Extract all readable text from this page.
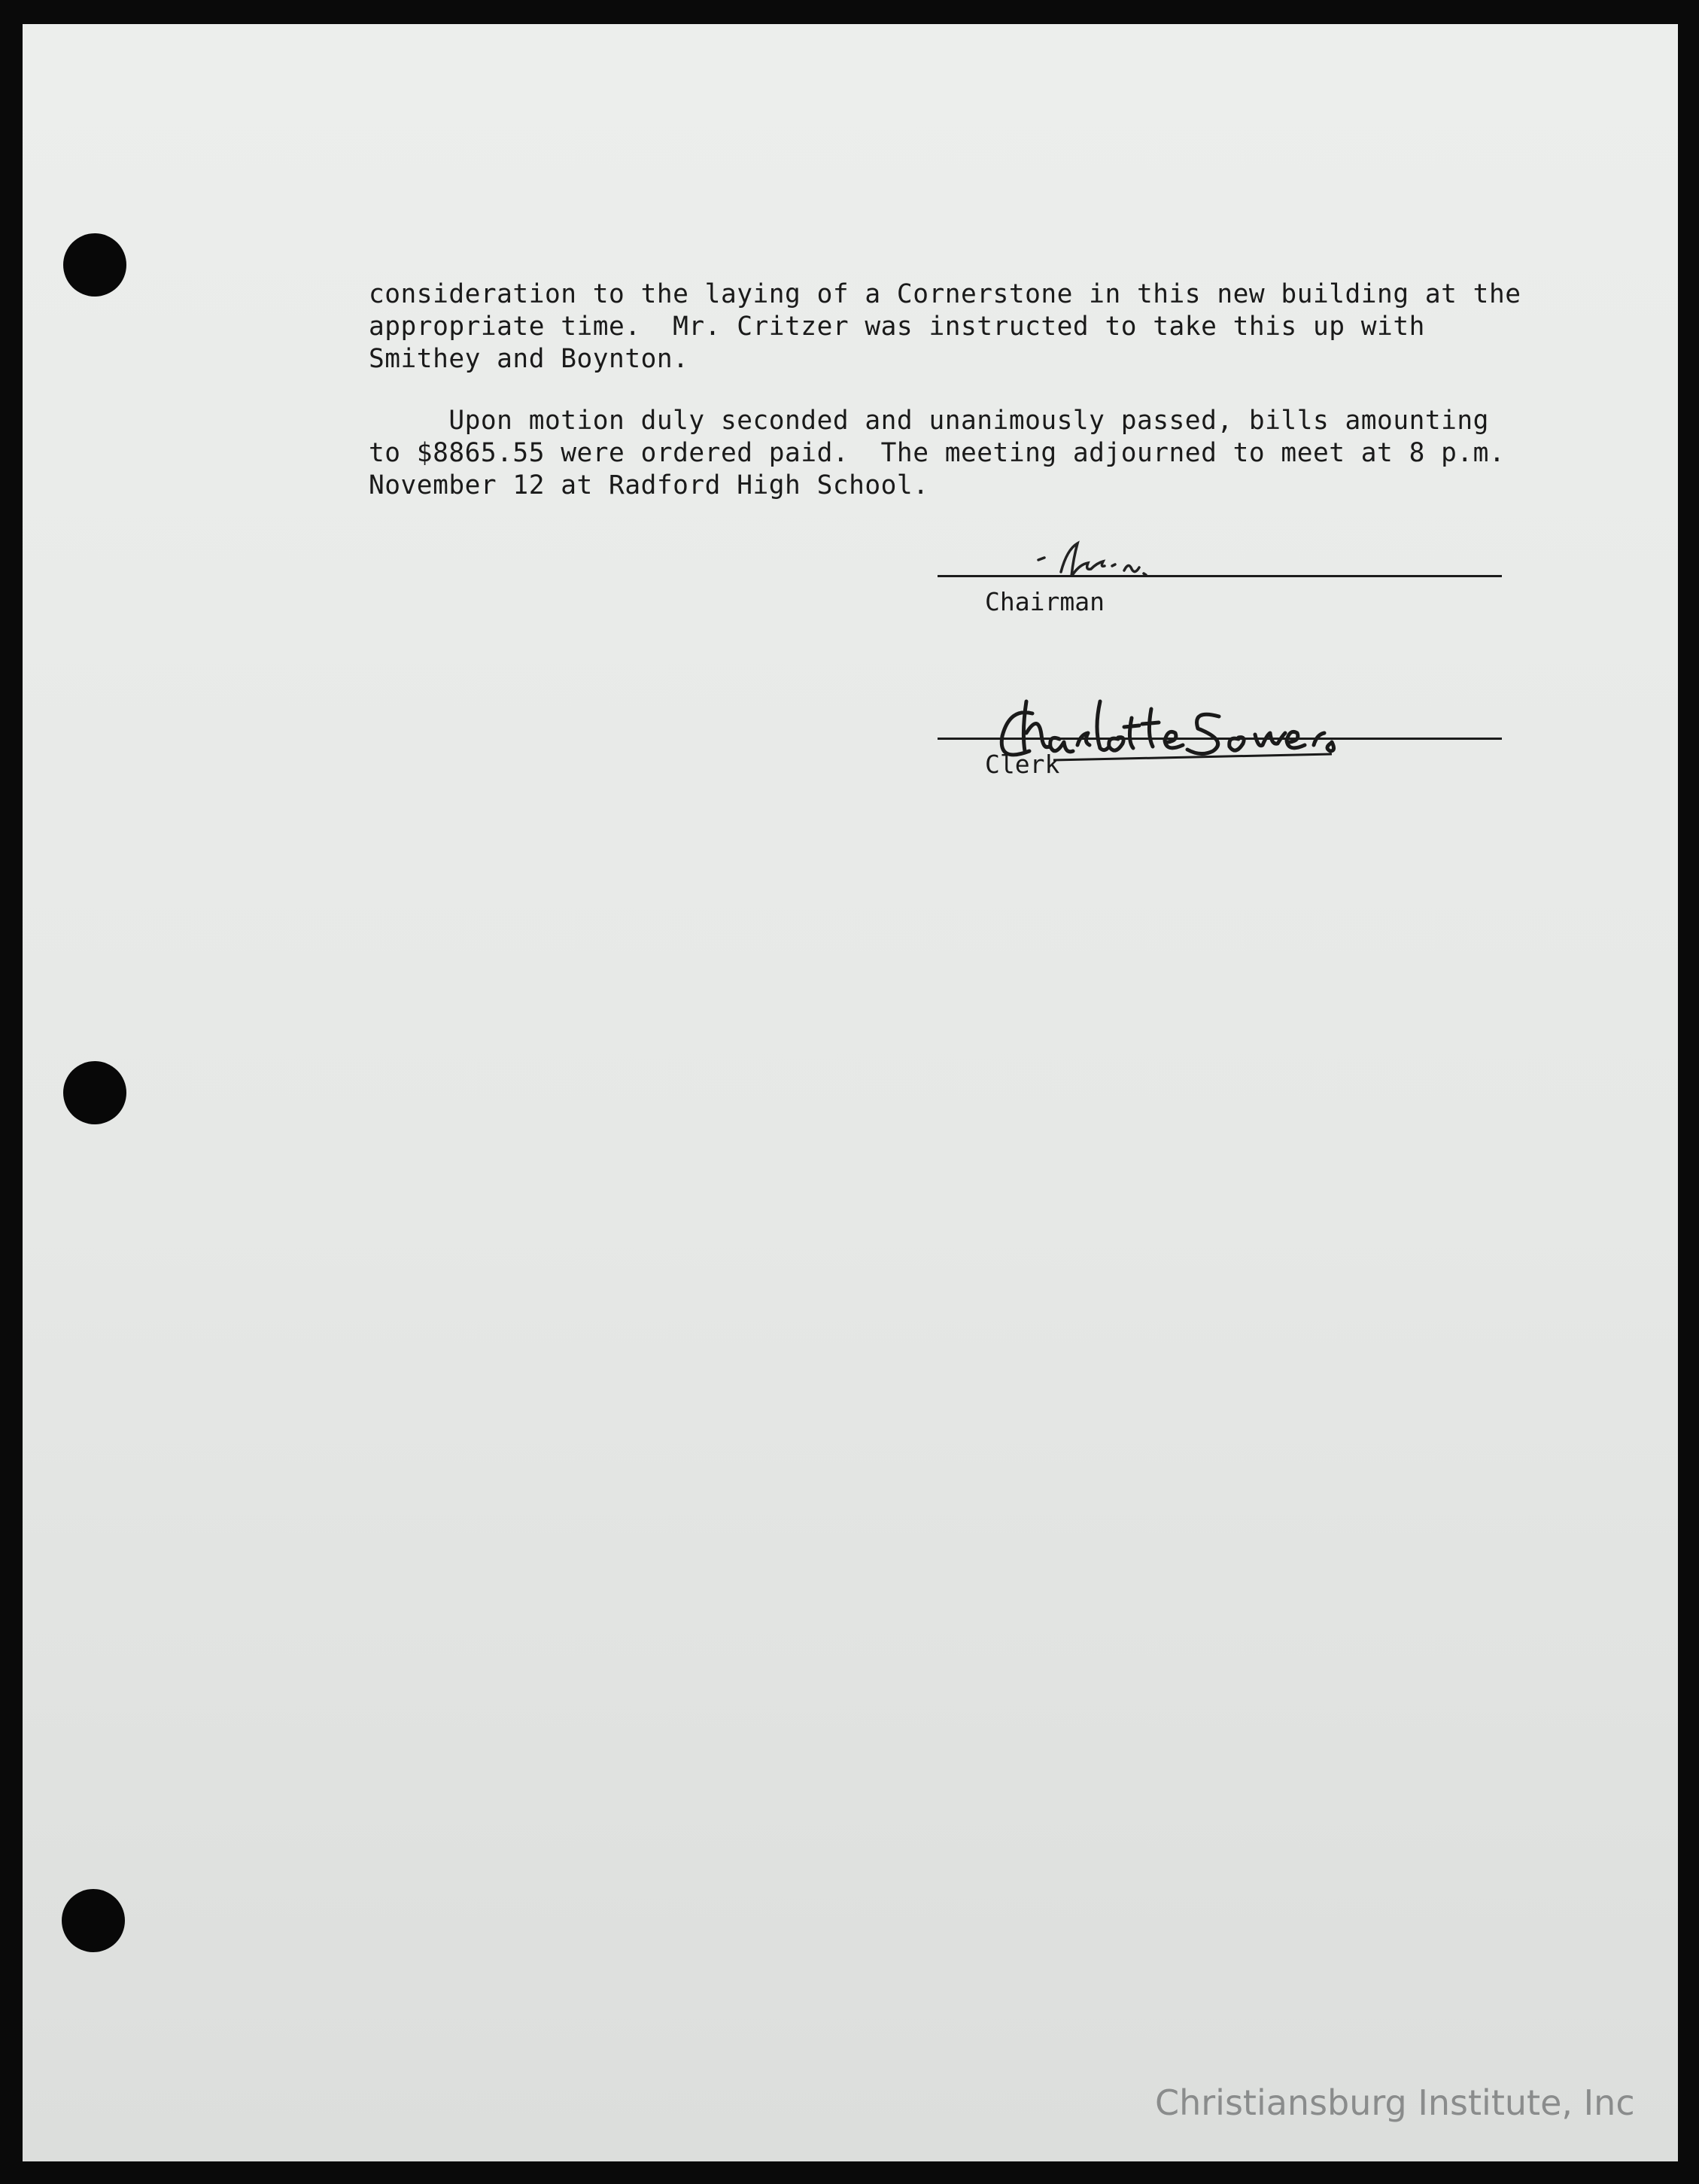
consideration to the laying of a Cornerstone in this new building at the

appropriate time.  Mr. Critzer was instructed to take this up with

Smithey and Boynton.

Upon motion duly seconded and unanimously passed, bills amounting

to $8865.55 were ordered paid.  The meeting adjourned to meet at 8 p.m.

November 12 at Radford High School.

Chairman
Clerk
Christiansburg Institute, Inc
